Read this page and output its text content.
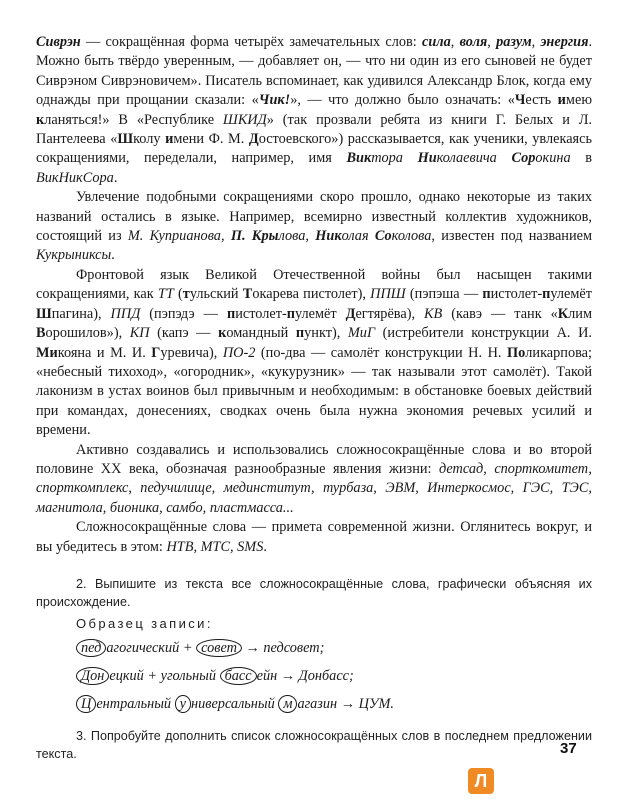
Сиврэн — сокращённая форма четырёх замечательных слов: сила, воля, разум, энергия. Можно быть твёрдо уверенным, — добавляет он, — что ни один из его сыновей не будет Сиврэном Сиврэновичем». Писатель вспоминает, как удивился Александр Блок, когда ему однажды при прощании сказали: «Чик!», — что должно было означать: «Честь имею кланяться!» В «Республике ШКИД» (так прозвали ребята из книги Г. Белых и Л. Пантелеева «Школу имени Ф. М. Достоевского») рассказывается, как ученики, увлекаясь сокращениями, переделали, например, имя Виктора Николаевича Сорокина в ВикНикСора.

Увлечение подобными сокращениями скоро прошло, однако некоторые из таких названий остались в языке. Например, всемирно известный коллектив художников, состоящий из М. Куприанова, П. Крылова, Николая Соколова, известен под названием Кукрыниксы.

Фронтовой язык Великой Отечественной войны был насыщен такими сокращениями, как ТТ (тульский Токарева пистолет), ППШ (пэпэша — пистолет-пулемёт Шпагина), ППД (пэпэдэ — пистолет-пулемёт Дегтярёва), КВ (кавэ — танк «Клим Ворошилов»), КП (капэ — командный пункт), МиГ (истребители конструкции А. И. Микояна и М. И. Гуревича), ПО-2 (по-два — самолёт конструкции Н. Н. Поликарпова; «небесный тихоход», «огородник», «кукурузник» — так называли этот самолёт). Такой лаконизм в устах воинов был привычным и необходимым: в обстановке боевых действий при командах, донесениях, сводках очень была нужна экономия речевых усилий и времени.

Активно создавались и использовались сложносокращённые слова и во второй половине XX века, обозначая разнообразные явления жизни: детсад, спорткомитет, спорткомплекс, педучилище, мединститут, турбаза, ЭВМ, Интеркосмос, ГЭС, ТЭС, магнитола, бионика, самбо, пластмасса...

Сложносокращённые слова — примета современной жизни. Оглянитесь вокруг, и вы убедитесь в этом: НТВ, МТС, SMS.

2. Выпишите из текста все сложносокращённые слова, графически объясняя их происхождение.

Образец записи:
пед агогический + совет → педсовет;
Дон ецкий + угольный басс ейн → Донбасс;
Ц ентральный у ниверсальный м агазин → ЦУМ.

3. Попробуйте дополнить список сложносокращённых слов в последнем предложении текста.	37
Л
